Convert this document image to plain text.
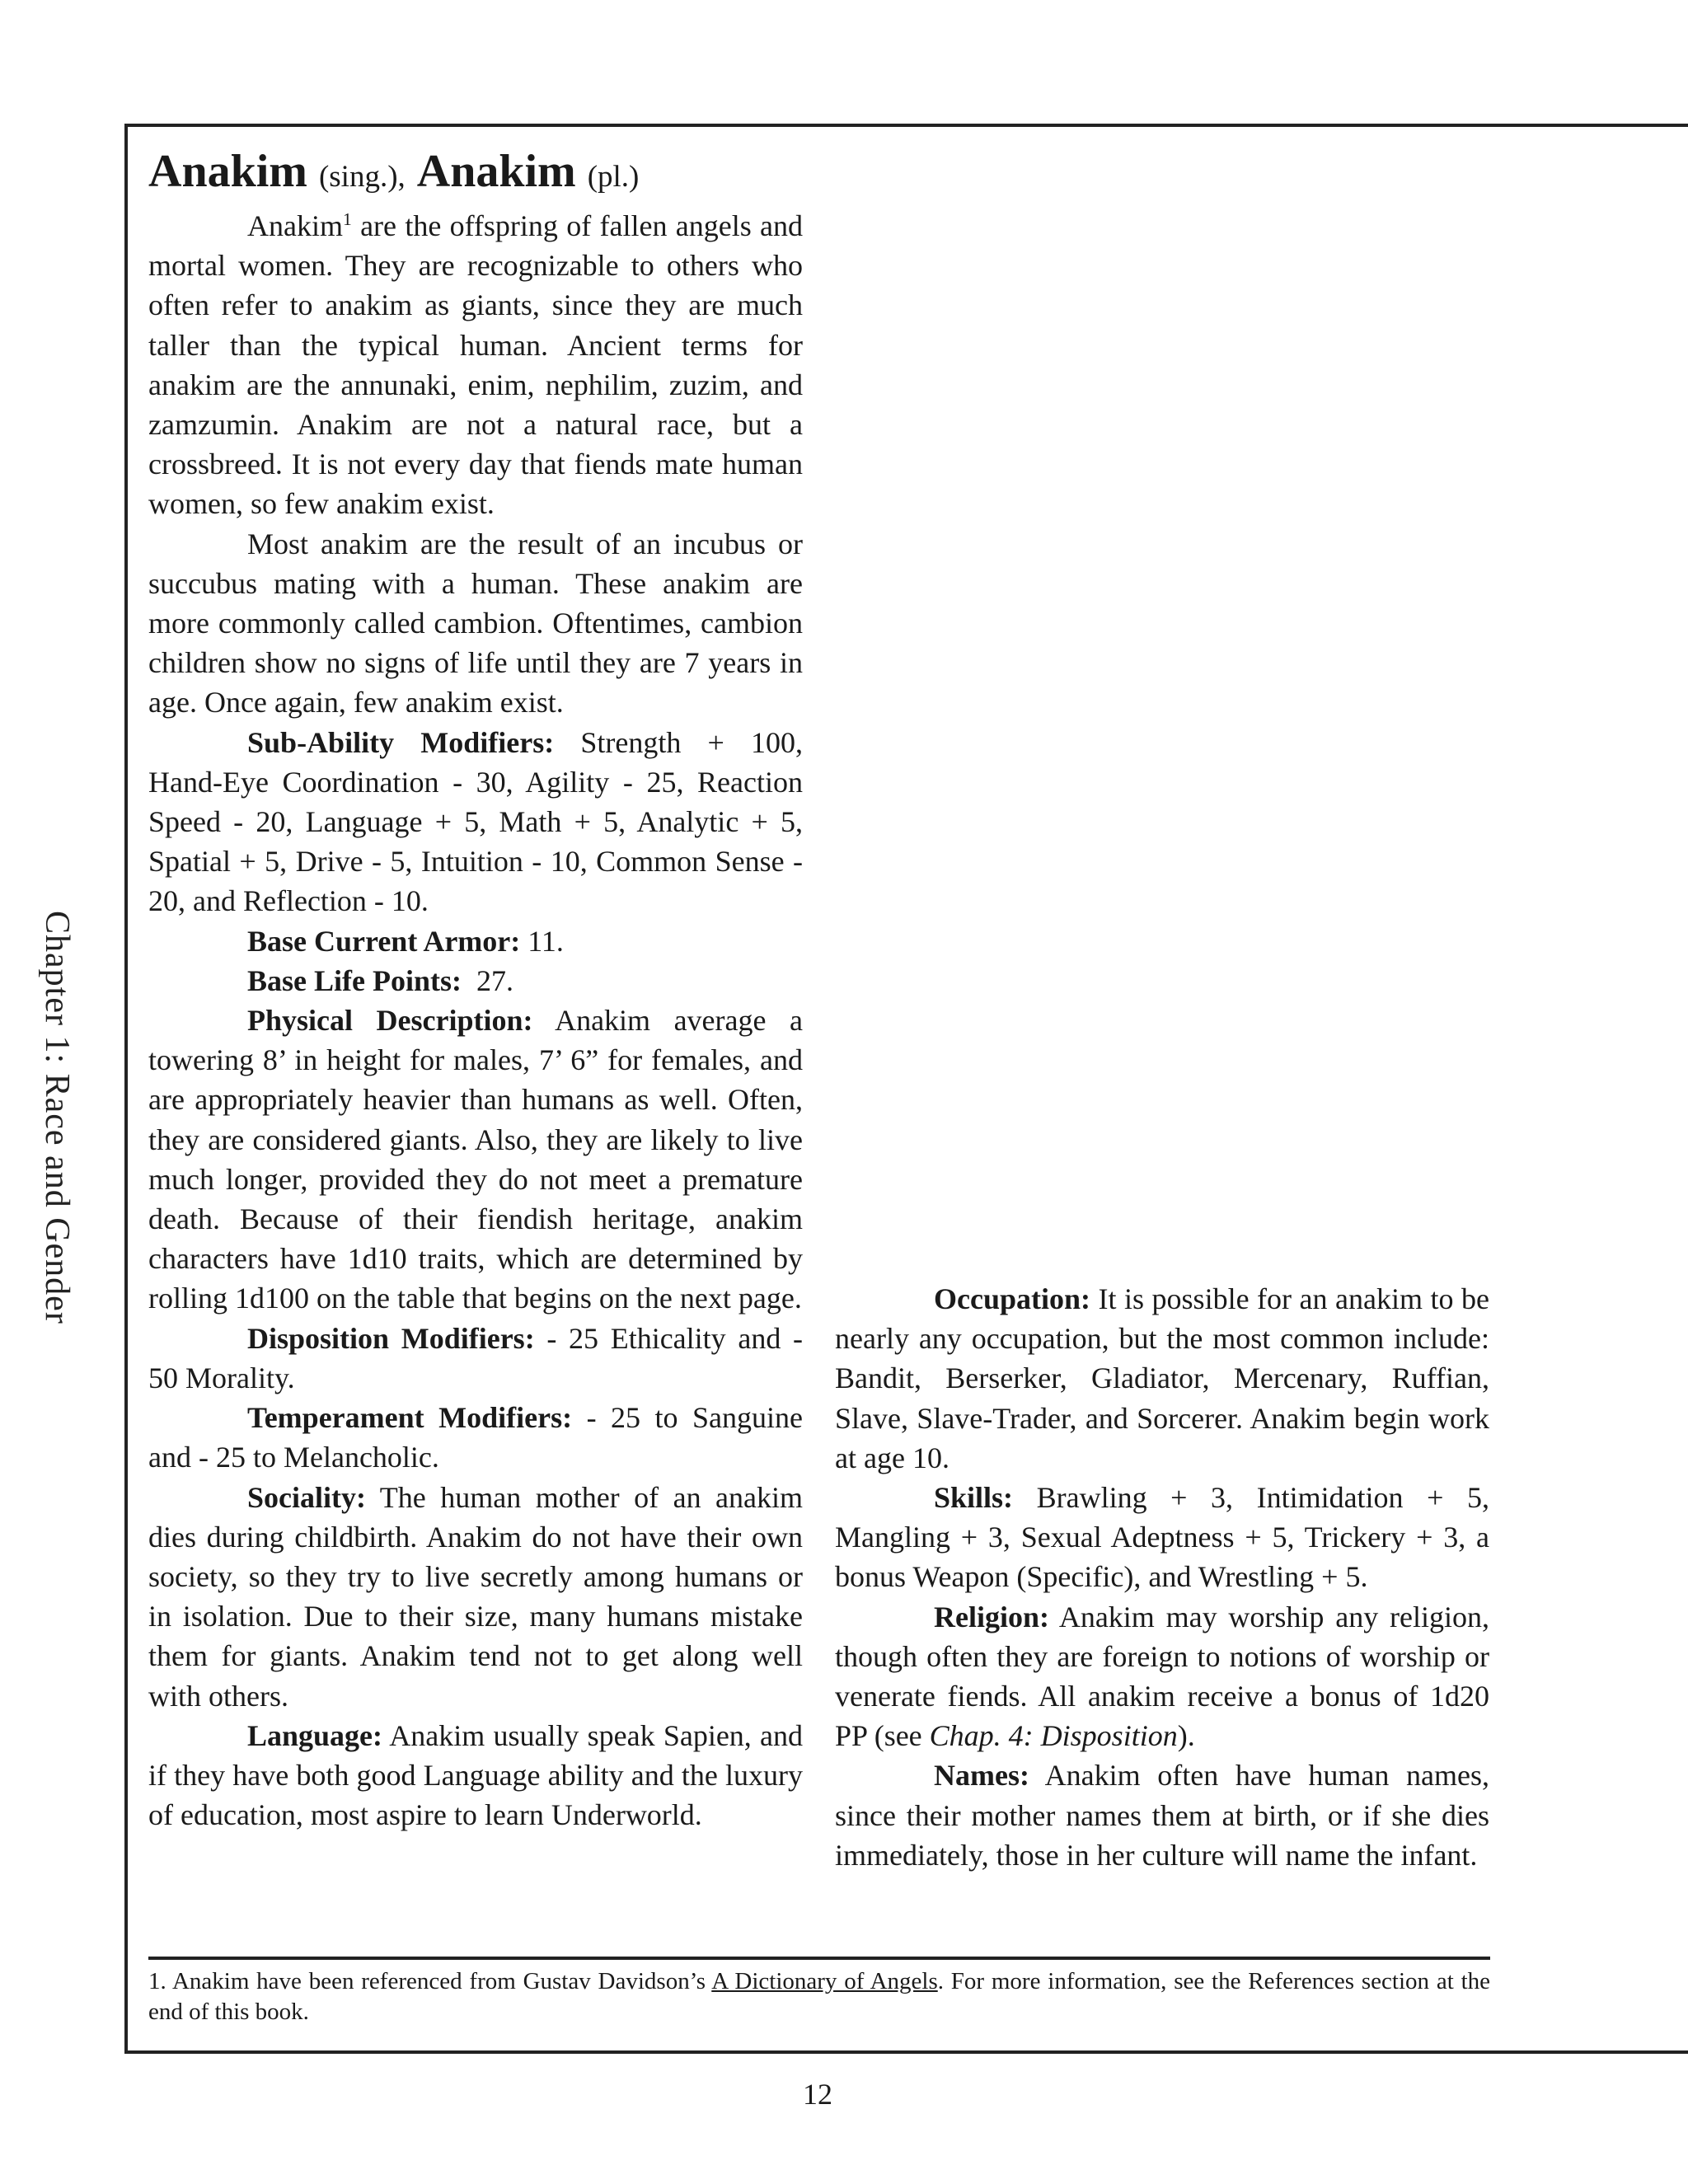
Chapter 1: Race and Gender
Anakim (sing.), Anakim (pl.)

Anakim$^1$ are the offspring of fallen angels and mortal women. They are recognizable to others who often refer to anakim as giants, since they are much taller than the typical human. Ancient terms for anakim are the annunaki, enim, nephilim, zuzim, and zamzumin. Anakim are not a natural race, but a crossbreed. It is not every day that fiends mate human women, so few anakim exist.

Most anakim are the result of an incubus or succubus mating with a human. These anakim are more commonly called cambion. Oftentimes, cambion children show no signs of life until they are 7 years in age. Once again, few anakim exist.

Sub-Ability Modifiers: Strength + 100, Hand-Eye Coordination - 30, Agility - 25, Reaction Speed - 20, Language + 5, Math + 5, Analytic + 5, Spatial + 5, Drive - 5, Intuition - 10, Common Sense - 20, and Reflection - 10.

Base Current Armor: 11.

Base Life Points:  27.

Physical Description: Anakim average a towering 8’ in height for males, 7’ 6” for females, and are appropriately heavier than humans as well. Often, they are considered giants. Also, they are likely to live much longer, provided they do not meet a premature death. Because of their fiendish heritage, anakim characters have 1d10 traits, which are determined by rolling 1d100 on the table that begins on the next page.

Disposition Modifiers: - 25 Ethicality and - 50 Morality.

Temperament Modifiers: - 25 to Sanguine and - 25 to Melancholic.

Sociality: The human mother of an anakim dies during childbirth. Anakim do not have their own society, so they try to live secretly among humans or in isolation. Due to their size, many humans mistake them for giants. Anakim tend not to get along well with others.

Language: Anakim usually speak Sapien, and if they have both good Language ability and the luxury of education, most aspire to learn Underworld.

Occupation: It is possible for an anakim to be nearly any occupation, but the most common include: Bandit, Berserker, Gladiator, Mercenary, Ruffian, Slave, Slave-Trader, and Sorcerer. Anakim begin work at age 10.

Skills: Brawling + 3, Intimidation + 5, Mangling + 3, Sexual Adeptness + 5, Trickery + 3, a bonus Weapon (Specific), and Wrestling + 5.

Religion: Anakim may worship any religion, though often they are foreign to notions of worship or venerate fiends. All anakim receive a bonus of 1d20 PP (see Chap. 4: Disposition).

Names: Anakim often have human names, since their mother names them at birth, or if she dies immediately, those in her culture will name the infant.

1. Anakim have been referenced from Gustav Davidson’s A Dictionary of Angels. For more information, see the References section at the end of this book.
12
